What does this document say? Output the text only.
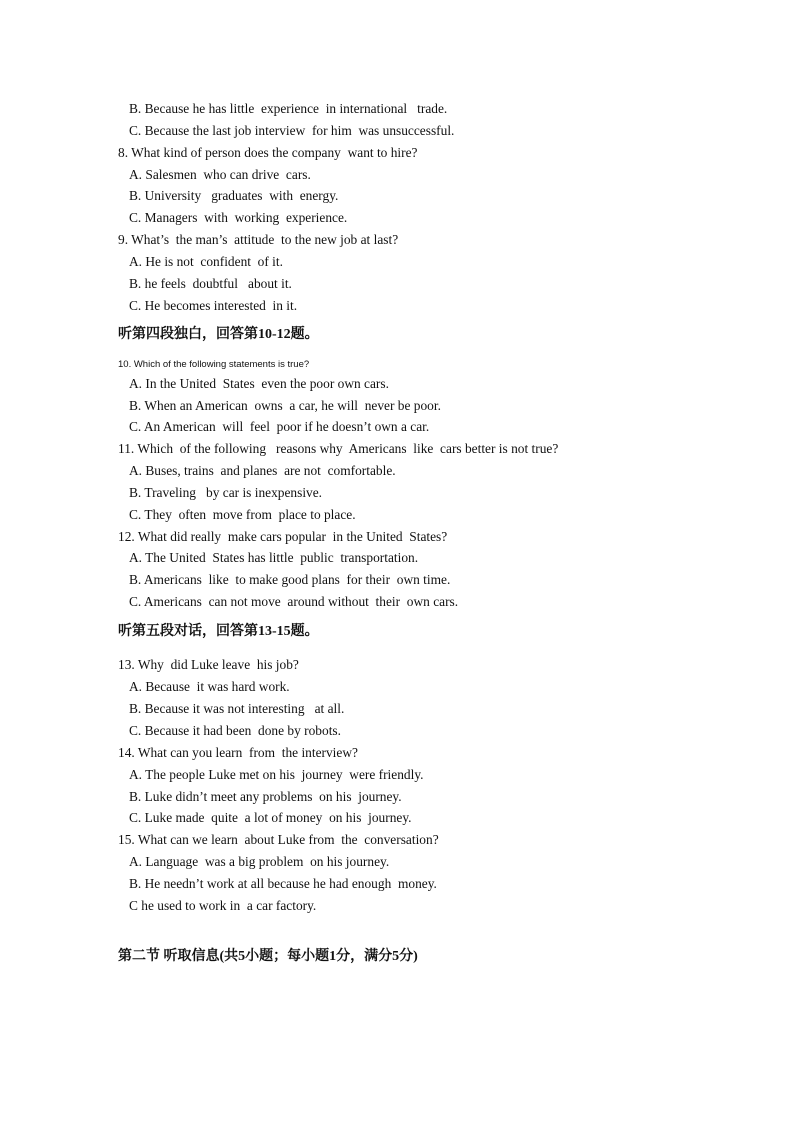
B. Because he has little  experience  in international   trade.
C. Because the last job interview  for him  was unsuccessful.
8. What kind of person does the company  want to hire?
A. Salesmen  who can drive  cars.
B. University   graduates  with  energy.
C. Managers  with  working  experience.
9. What’s  the man’s  attitude  to the new job at last?
A. He is not  confident  of it.
B. he feels  doubtful   about it.
C. He becomes interested  in it.
听第四段独白，回答第10-12题。
10. Which of the following statements is true?
A. In the United  States  even the poor own cars.
B. When an American  owns  a car, he will  never be poor.
C. An American  will  feel  poor if he doesn’t own a car.
11. Which  of the following   reasons why  Americans  like  cars better is not true?
A. Buses, trains  and planes  are not  comfortable.
B. Traveling   by car is inexpensive.
C. They  often  move from  place to place.
12. What did really  make cars popular  in the United  States?
A. The United  States has little  public  transportation.
B. Americans  like  to make good plans  for their  own time.
C. Americans  can not move  around without  their  own cars.
听第五段对话，回答第13-15题。
13. Why  did Luke leave  his job?
A. Because  it was hard work.
B. Because it was not interesting   at all.
C. Because it had been  done by robots.
14. What can you learn  from  the interview?
A. The people Luke met on his  journey  were friendly.
B. Luke didn’t meet any problems  on his  journey.
C. Luke made  quite  a lot of money  on his  journey.
15. What can we learn  about Luke from  the  conversation?
A. Language  was a big problem  on his journey.
B. He needn’t work at all because he had enough  money.
C he used to work in  a car factory.
第二节 听取信息(共5小题；每小题1分，满分5分)
